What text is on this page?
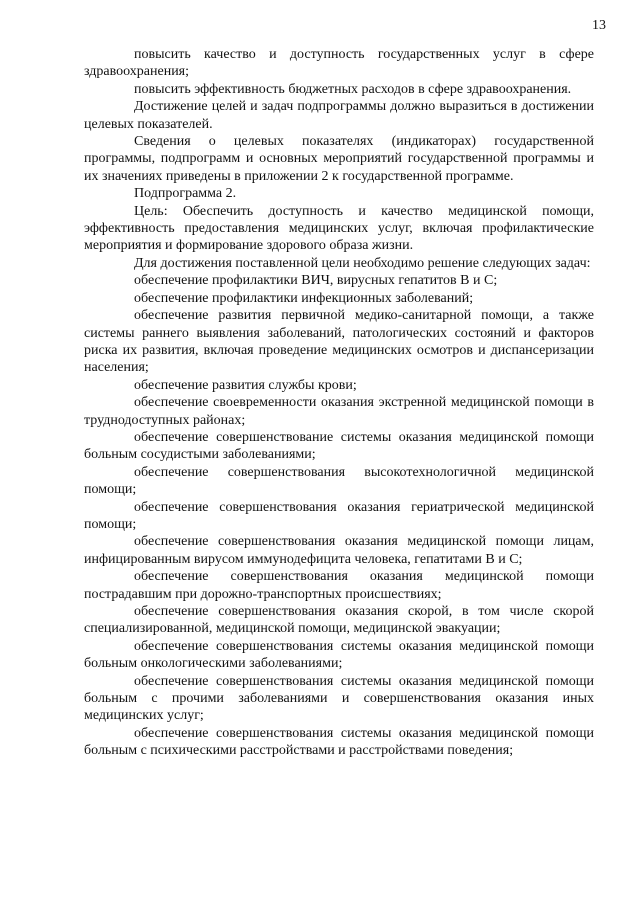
13

повысить качество и доступность государственных услуг в сфере здравоохранения;

повысить эффективность бюджетных расходов в сфере здравоохранения.

Достижение целей и задач подпрограммы должно выразиться в достижении целевых показателей.

Сведения о целевых показателях (индикаторах) государственной программы, подпрограмм и основных мероприятий государственной программы и их значениях приведены в приложении 2 к государственной программе.

Подпрограмма 2.

Цель: Обеспечить доступность и качество медицинской помощи, эффективность предоставления медицинских услуг, включая профилактические мероприятия и формирование здорового образа жизни.

Для достижения поставленной цели необходимо решение следующих задач:

обеспечение профилактики ВИЧ, вирусных гепатитов В и С;

обеспечение профилактики инфекционных заболеваний;

обеспечение развития первичной медико-санитарной помощи, а также системы раннего выявления заболеваний, патологических состояний и факторов риска их развития, включая проведение медицинских осмотров и диспансеризации населения;

обеспечение развития службы крови;

обеспечение своевременности оказания экстренной медицинской помощи в труднодоступных районах;

обеспечение совершенствование системы оказания медицинской помощи больным сосудистыми заболеваниями;

обеспечение совершенствования высокотехнологичной медицинской помощи;

обеспечение совершенствования оказания гериатрической медицинской помощи;

обеспечение совершенствования оказания медицинской помощи лицам, инфицированным вирусом иммунодефицита человека, гепатитами В и С;

обеспечение совершенствования оказания медицинской помощи пострадавшим при дорожно-транспортных происшествиях;

обеспечение совершенствования оказания скорой, в том числе скорой специализированной, медицинской помощи, медицинской эвакуации;

обеспечение совершенствования системы оказания медицинской помощи больным онкологическими заболеваниями;

обеспечение совершенствования системы оказания медицинской помощи больным с прочими заболеваниями и совершенствования оказания иных медицинских услуг;

обеспечение совершенствования системы оказания медицинской помощи больным с психическими расстройствами и расстройствами поведения;
